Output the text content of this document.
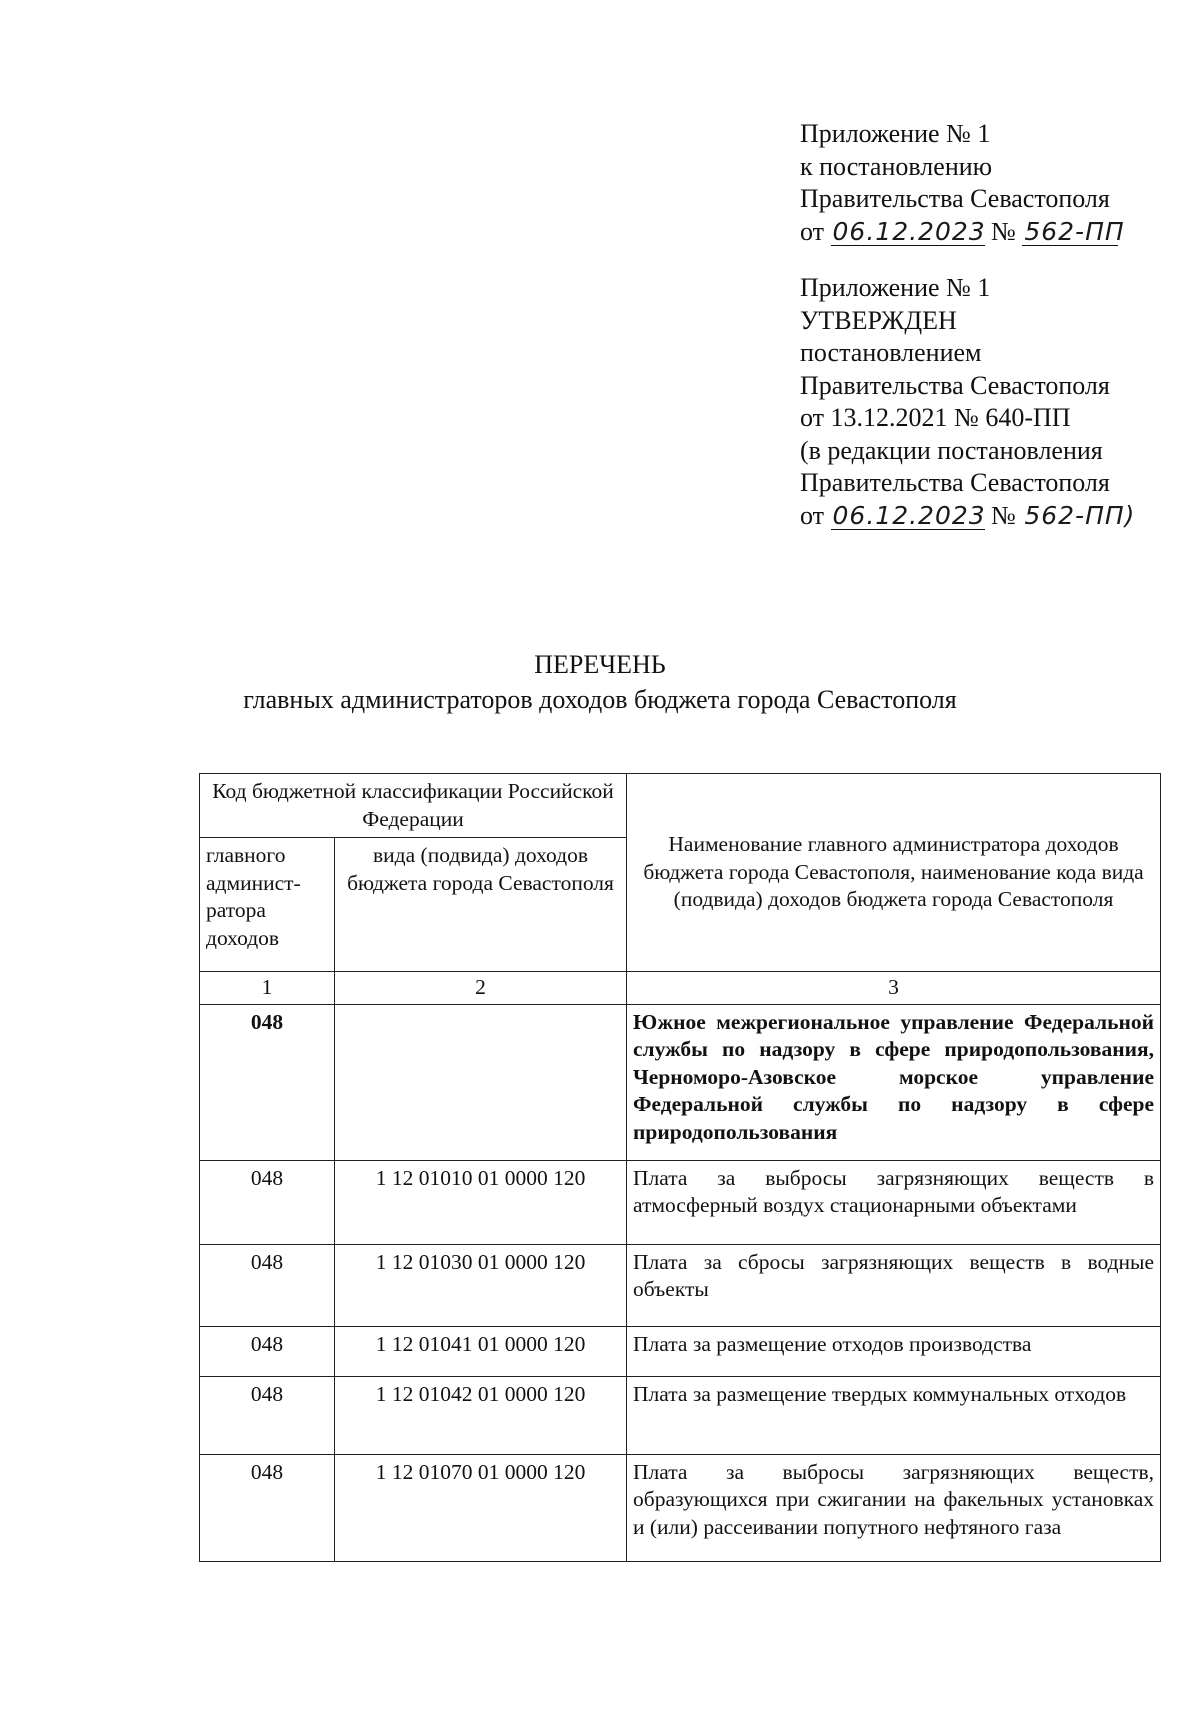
Приложение № 1
к постановлению
Правительства Севастополя
от 06.12.2023 № 562-ПП
Приложение № 1
УТВЕРЖДЕН
постановлением
Правительства Севастополя
от 13.12.2021 № 640-ПП
(в редакции постановления
Правительства Севастополя
от 06.12.2023 № 562-ПП)
ПЕРЕЧЕНЬ
главных администраторов доходов бюджета города Севастополя
Код бюджетной классификации Российской Федерации		Наименование главного администратора доходов бюджета города Севастополя, наименование кода вида (подвида) доходов бюджета города Севастополя
главного админист-ратора доходов	вида (подвида) доходов бюджета города Севастополя	
1	2	3
048		Южное межрегиональное управление Федеральной службы по надзору в сфере природопользования, Черноморо-Азовское морское управление Федеральной службы по надзору в сфере природопользования
048	1 12 01010 01 0000 120	Плата за выбросы загрязняющих веществ в атмосферный воздух стационарными объектами
048	1 12 01030 01 0000 120	Плата за сбросы загрязняющих веществ в водные объекты
048	1 12 01041 01 0000 120	Плата за размещение отходов производства
048	1 12 01042 01 0000 120	Плата за размещение твердых коммунальных отходов
048	1 12 01070 01 0000 120	Плата за выбросы загрязняющих веществ, образующихся при сжигании на факельных установках и (или) рассеивании попутного нефтяного газа
